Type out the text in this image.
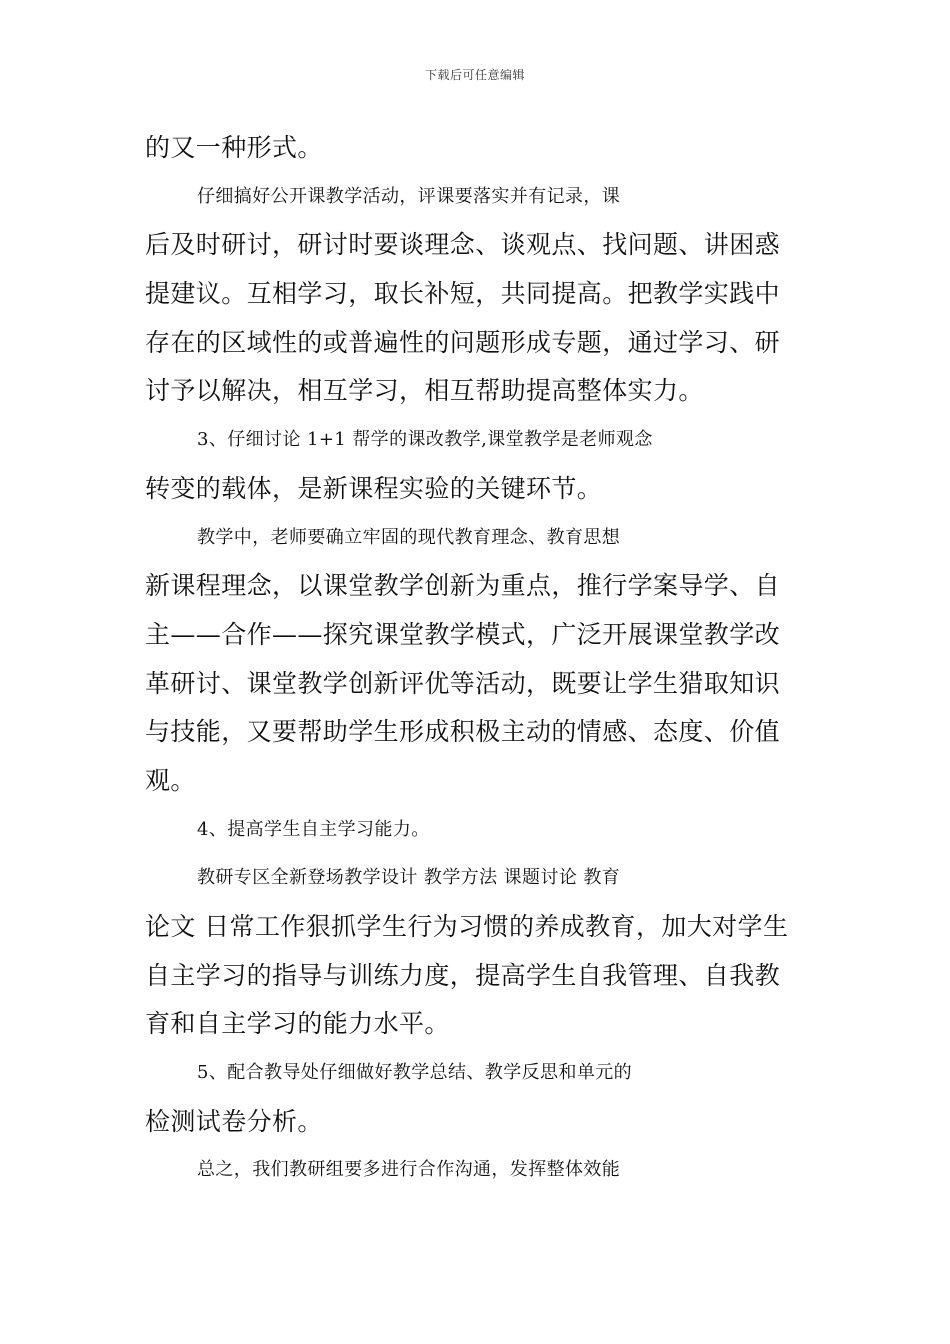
下载后可任意编辑
的又一种形式。
仔细搞好公开课教学活动，评课要落实并有记录，课
后及时研讨，研讨时要谈理念、谈观点、找问题、讲困惑
提建议。互相学习，取长补短，共同提高。把教学实践中
存在的区域性的或普遍性的问题形成专题，通过学习、研
讨予以解决，相互学习，相互帮助提高整体实力。
3、仔细讨论 1+1 帮学的课改教学,课堂教学是老师观念
转变的载体，是新课程实验的关键环节。
教学中，老师要确立牢固的现代教育理念、教育思想
新课程理念，以课堂教学创新为重点，推行学案导学、自
主——合作——探究课堂教学模式，广泛开展课堂教学改
革研讨、课堂教学创新评优等活动，既要让学生猎取知识
与技能，又要帮助学生形成积极主动的情感、态度、价值
观。
4、提高学生自主学习能力。
教研专区全新登场教学设计 教学方法 课题讨论 教育
论文 日常工作狠抓学生行为习惯的养成教育，加大对学生
自主学习的指导与训练力度，提高学生自我管理、自我教
育和自主学习的能力水平。
5、配合教导处仔细做好教学总结、教学反思和单元的
检测试卷分析。
总之，我们教研组要多进行合作沟通，发挥整体效能
